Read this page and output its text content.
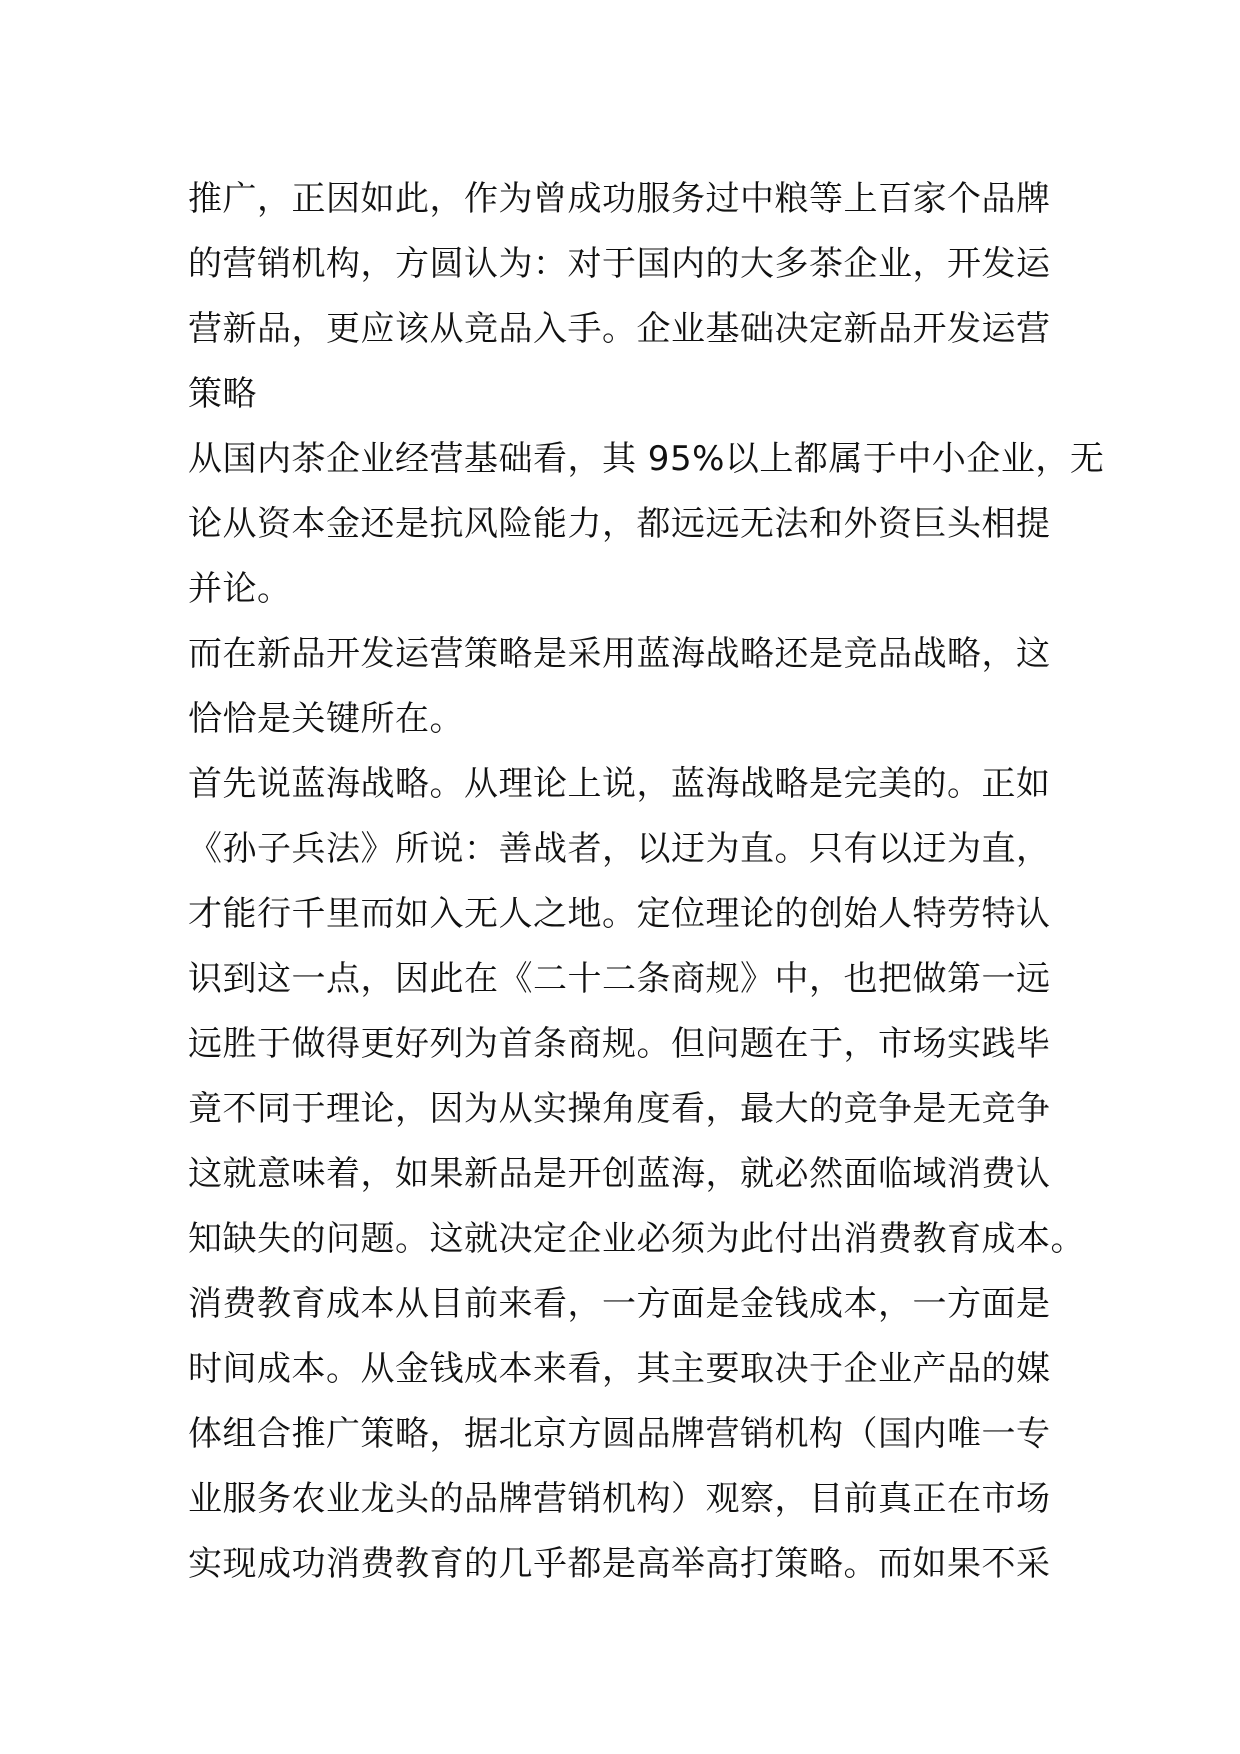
推广，正因如此，作为曾成功服务过中粮等上百家个品牌
的营销机构，方圆认为：对于国内的大多茶企业，开发运
营新品，更应该从竞品入手。企业基础决定新品开发运营
策略
从国内茶企业经营基础看，其 95%以上都属于中小企业，无
论从资本金还是抗风险能力，都远远无法和外资巨头相提
并论。
而在新品开发运营策略是采用蓝海战略还是竞品战略，这
恰恰是关键所在。
首先说蓝海战略。从理论上说，蓝海战略是完美的。正如
《孙子兵法》所说：善战者，以迂为直。只有以迂为直，
才能行千里而如入无人之地。定位理论的创始人特劳特认
识到这一点，因此在《二十二条商规》中，也把做第一远
远胜于做得更好列为首条商规。但问题在于，市场实践毕
竟不同于理论，因为从实操角度看，最大的竞争是无竞争
这就意味着，如果新品是开创蓝海，就必然面临域消费认
知缺失的问题。这就决定企业必须为此付出消费教育成本。
消费教育成本从目前来看，一方面是金钱成本，一方面是
时间成本。从金钱成本来看，其主要取决于企业产品的媒
体组合推广策略，据北京方圆品牌营销机构（国内唯一专
业服务农业龙头的品牌营销机构）观察，目前真正在市场
实现成功消费教育的几乎都是高举高打策略。而如果不采
